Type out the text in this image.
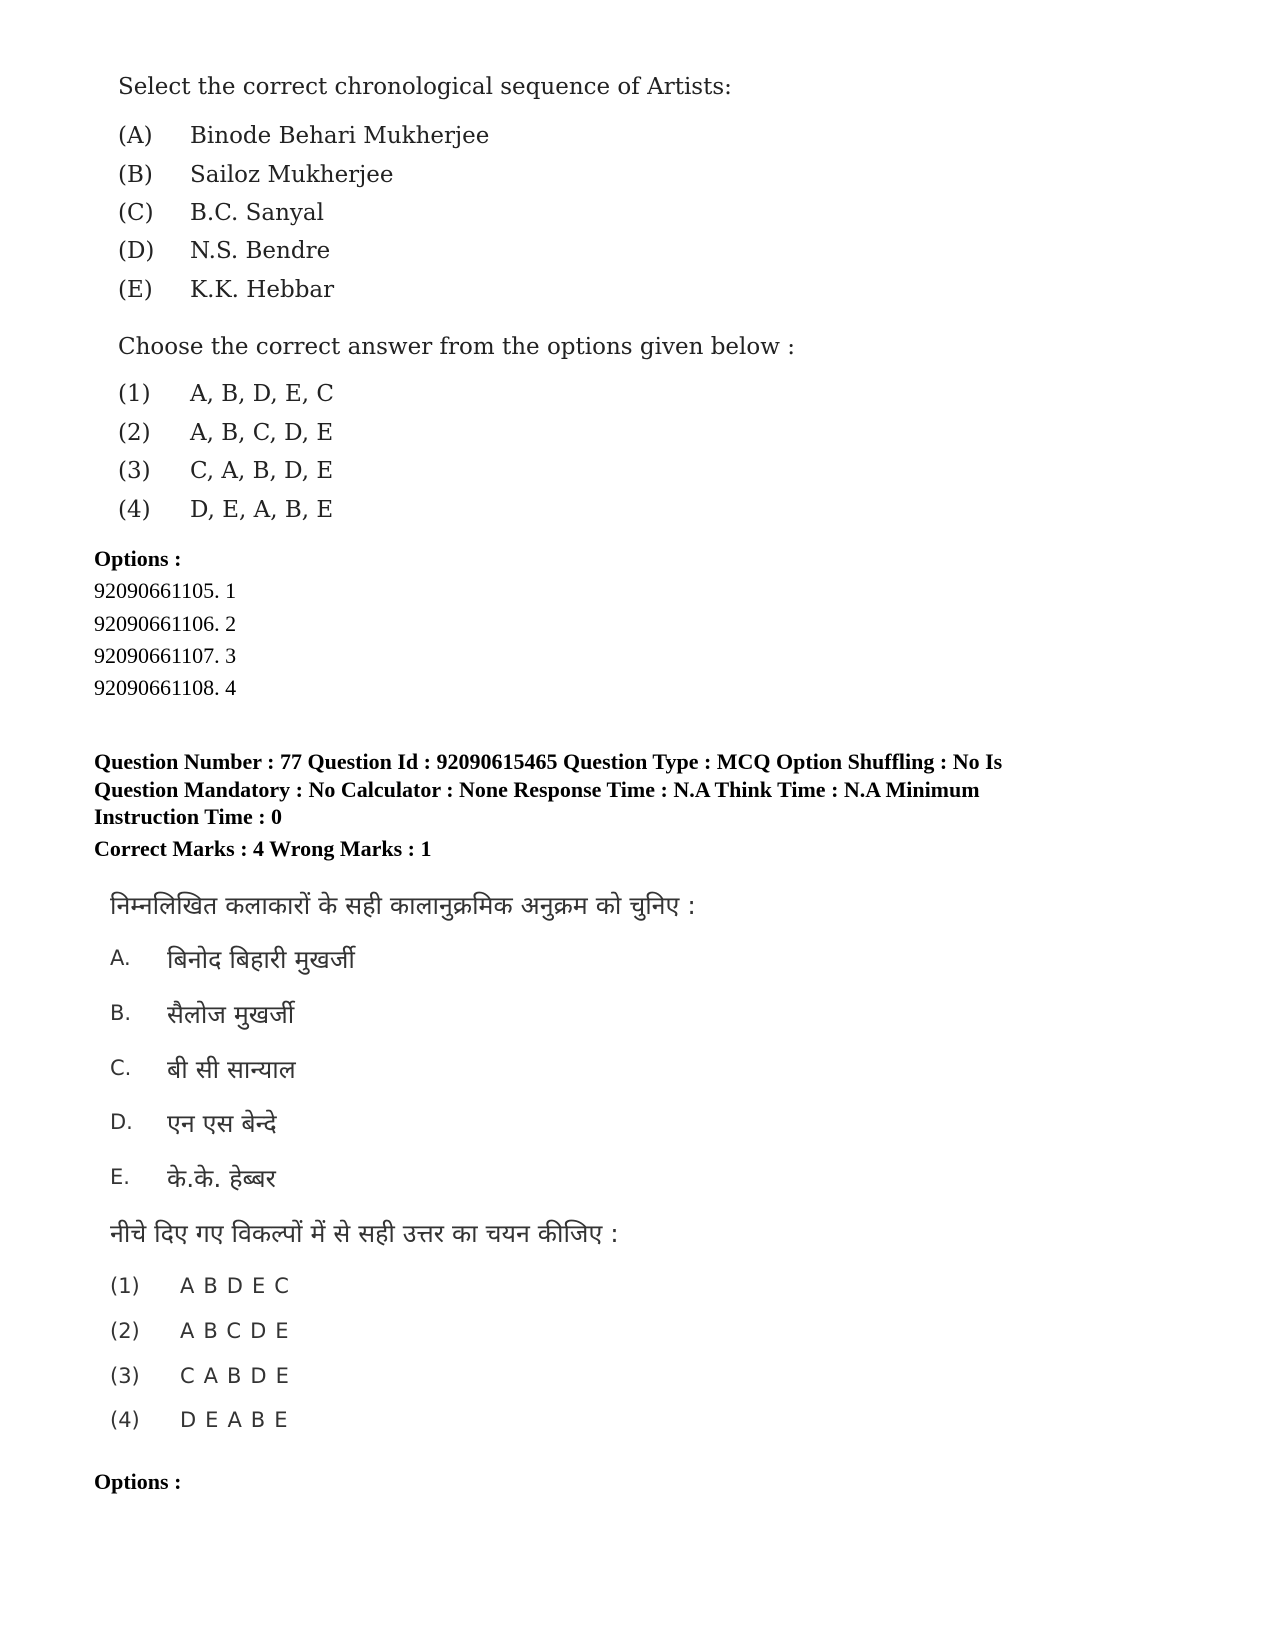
Select the correct chronological sequence of Artists:
(A) Binode Behari Mukherjee
(B) Sailoz Mukherjee
(C) B.C. Sanyal
(D) N.S. Bendre
(E) K.K. Hebbar
Choose the correct answer from the options given below :
(1) A, B, D, E, C
(2) A, B, C, D, E
(3) C, A, B, D, E
(4) D, E, A, B, E
Options :
92090661105. 1
92090661106. 2
92090661107. 3
92090661108. 4
Question Number : 77 Question Id : 92090615465 Question Type : MCQ Option Shuffling : No Is
Question Mandatory : No Calculator : None Response Time : N.A Think Time : N.A Minimum
Instruction Time : 0
Correct Marks : 4 Wrong Marks : 1
निम्नलिखित कलाकारों के सही कालानुक्रमिक अनुक्रम को चुनिए :
A. बिनोद बिहारी मुखर्जी
B. सैलोज मुखर्जी
C. बी सी सान्याल
D. एन एस बेन्दे
E. के.के. हेब्बर
नीचे दिए गए विकल्पों में से सही उत्तर का चयन कीजिए :
(1) ABDEC
(2) ABCDE
(3) CABDE
(4) DEABE
Options :
